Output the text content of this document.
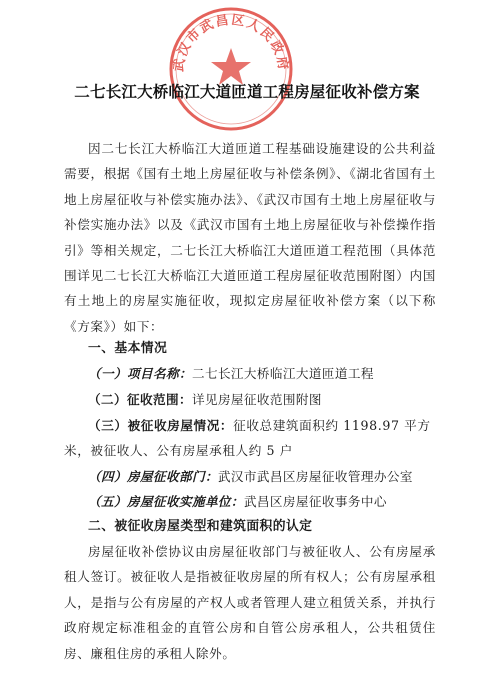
武汉市武昌区人民政府
二七长江大桥临江大道匝道工程房屋征收补偿方案

因二七长江大桥临江大道匝道工程基础设施建设的公共利益需要，根据《国有土地上房屋征收与补偿条例》、《湖北省国有土地上房屋征收与补偿实施办法》、《武汉市国有土地上房屋征收与补偿实施办法》以及《武汉市国有土地上房屋征收与补偿操作指引》等相关规定，二七长江大桥临江大道匝道工程范围（具体范围详见二七长江大桥临江大道匝道工程房屋征收范围附图）内国有土地上的房屋实施征收，现拟定房屋征收补偿方案（以下称《方案》）如下：

一、基本情况
（一）项目名称：二七长江大桥临江大道匝道工程
（二）征收范围：详见房屋征收范围附图
（三）被征收房屋情况：征收总建筑面积约 1198.97 平方米，被征收人、公有房屋承租人约 5 户
（四）房屋征收部门：武汉市武昌区房屋征收管理办公室
（五）房屋征收实施单位：武昌区房屋征收事务中心
二、被征收房屋类型和建筑面积的认定

房屋征收补偿协议由房屋征收部门与被征收人、公有房屋承租人签订。被征收人是指被征收房屋的所有权人；公有房屋承租人，是指与公有房屋的产权人或者管理人建立租赁关系，并执行政府规定标准租金的直管公房和自管公房承租人，公共租赁住房、廉租住房的承租人除外。
